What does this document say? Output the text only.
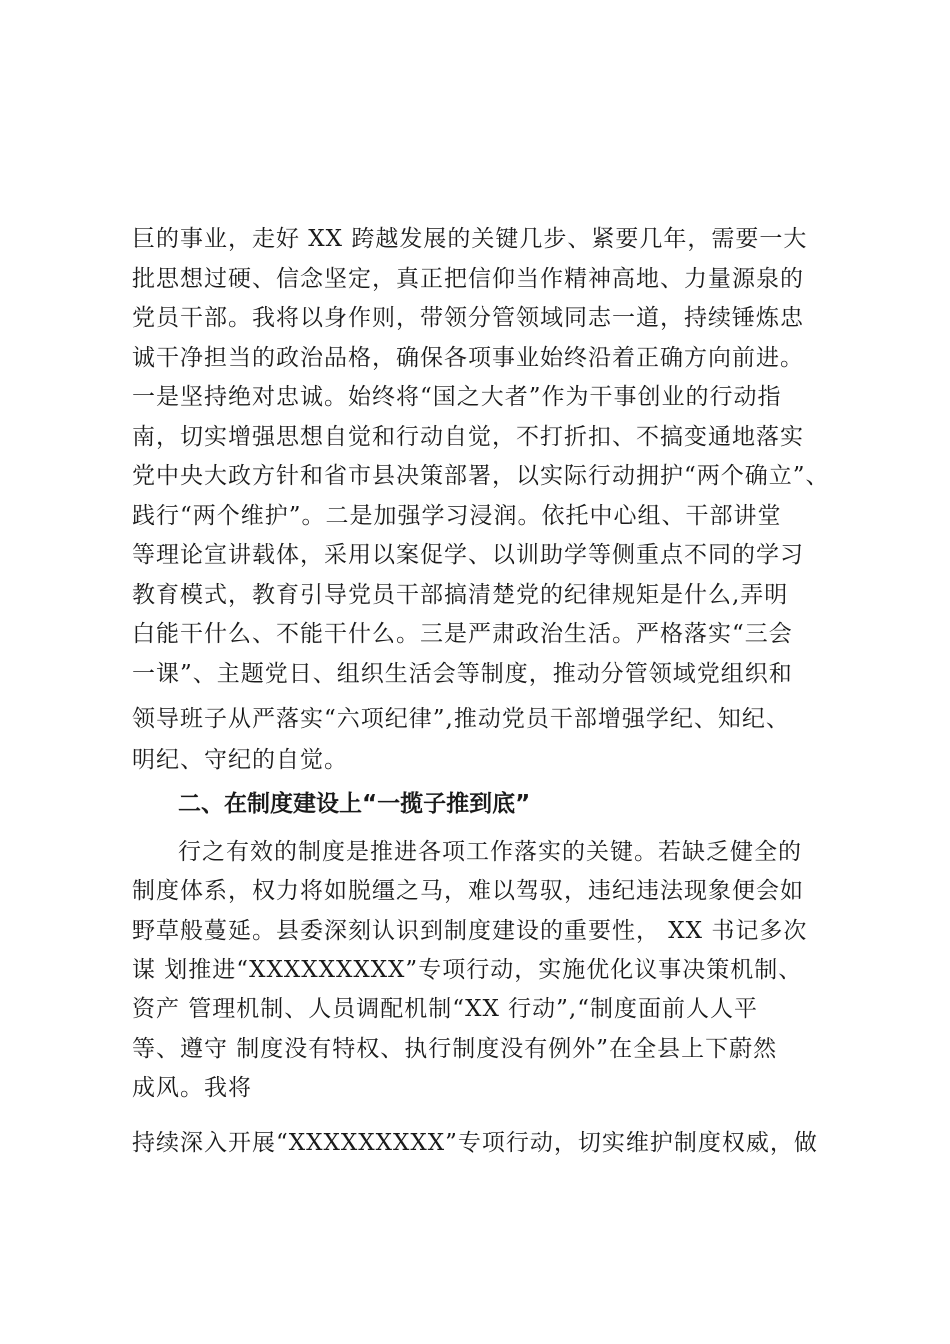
巨的事业，走好 XX 跨越发展的关键几步、紧要几年，需要一大
批思想过硬、信念坚定，真正把信仰当作精神高地、力量源泉的
党员干部。我将以身作则，带领分管领域同志一道，持续锤炼忠
诚干净担当的政治品格，确保各项事业始终沿着正确方向前进。
一是坚持绝对忠诚。始终将“国之大者”作为干事创业的行动指
南，切实增强思想自觉和行动自觉，不打折扣、不搞变通地落实
党中央大政方针和省市县决策部署，以实际行动拥护“两个确立”、
践行“两个维护”。二是加强学习浸润。依托中心组、干部讲堂
等理论宣讲载体，采用以案促学、以训助学等侧重点不同的学习
教育模式，教育引导党员干部搞清楚党的纪律规矩是什么,弄明
白能干什么、不能干什么。三是严肃政治生活。严格落实“三会
一课”、主题党日、组织生活会等制度，推动分管领域党组织和
领导班子从严落实“六项纪律”,推动党员干部增强学纪、知纪、
明纪、守纪的自觉。
二、在制度建设上“一揽子推到底”
行之有效的制度是推进各项工作落实的关键。若缺乏健全的
制度体系，权力将如脱缰之马，难以驾驭，违纪违法现象便会如
野草般蔓延。县委深刻认识到制度建设的重要性， XX 书记多次
谋 划推进“XXXXXXXXX”专项行动，实施优化议事决策机制、
资产 管理机制、人员调配机制“XX 行动”,“制度面前人人平
等、遵守 制度没有特权、执行制度没有例外”在全县上下蔚然
成风。我将
持续深入开展“XXXXXXXXX”专项行动，切实维护制度权威，做
